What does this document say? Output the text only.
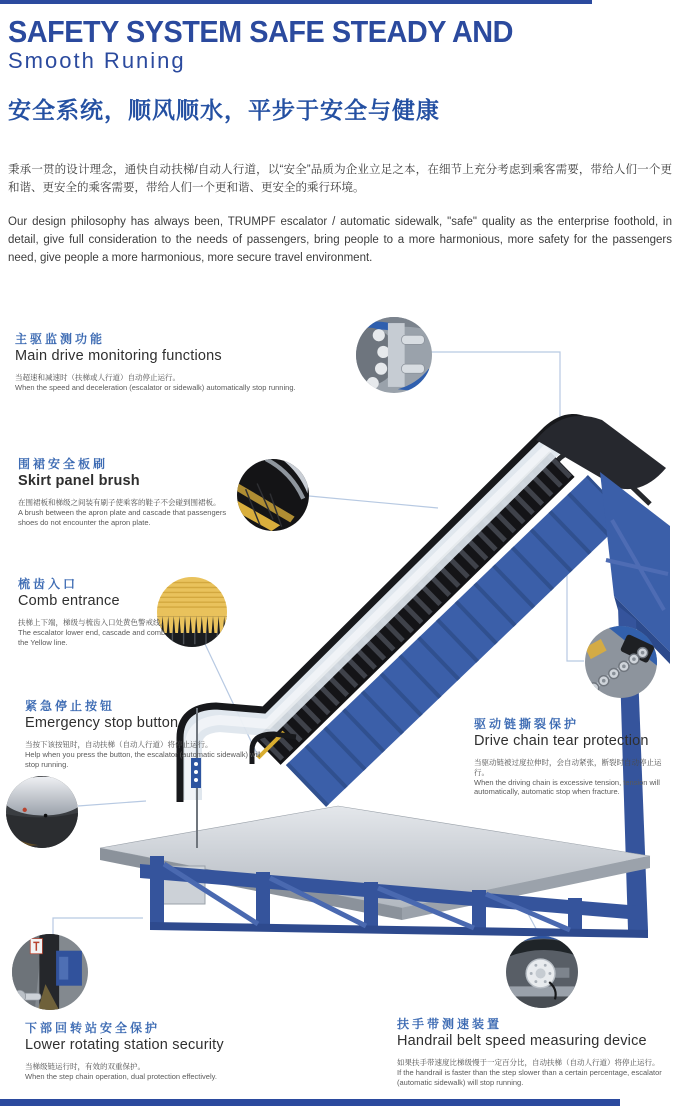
SAFETY SYSTEM SAFE STEADY AND
Smooth Runing
安全系统，顺风顺水，平步于安全与健康
秉承一贯的设计理念，通快自动扶梯/自动人行道，以“安全”品质为企业立足之本，在细节上充分考虑到乘客需要，带给人们一个更和谐、更安全的乘客需要，带给人们一个更和谐、更安全的乘行环境。
Our design philosophy has always been, TRUMPF escalator / automatic sidewalk, "safe" quality as the enterprise foothold, in detail, give full consideration to the needs of passengers, bring people to a more harmonious, more safety for the passengers need, give people a more harmonious, more secure travel environment.
主驱监测功能
Main drive monitoring functions
当超速和减速时（扶梯或人行道）自动停止运行。
When the speed and deceleration (escalator or sidewalk) automatically stop running.
围裙安全板刷
Skirt panel brush
在围裙板和梯级之间装有刷子使乘客的鞋子不会碰到围裙板。
A brush between the apron plate and cascade that passengers shoes do not encounter the apron plate.
梳齿入口
Comb entrance
扶梯上下端，梯级与梳齿入口处黄色警戒线。
The escalator lower end, cascade and comb the Yellow line.
紧急停止按钮
Emergency stop button
当按下该按钮时，自动扶梯（自动人行道）将停止运行。
Help when you press the button, the escalator (automatic sidewalk) will stop running.
驱动链撕裂保护
Drive chain tear protection
当驱动链被过度拉伸时，会自动紧张，断裂时自动停止运行。
When the driving chain is excessive tension, tension will automatically, automatic stop when fracture.
下部回转站安全保护
Lower rotating station security
当梯级链运行时，有效的双重保护。
When the step chain operation, dual protection effectively.
扶手带测速装置
Handrail belt speed measuring device
如果扶手带速度比梯级慢于一定百分比，自动扶梯（自动人行道）将停止运行。
If the handrail is faster than the step slower than a certain percentage, escalator (automatic sidewalk) will stop running.
